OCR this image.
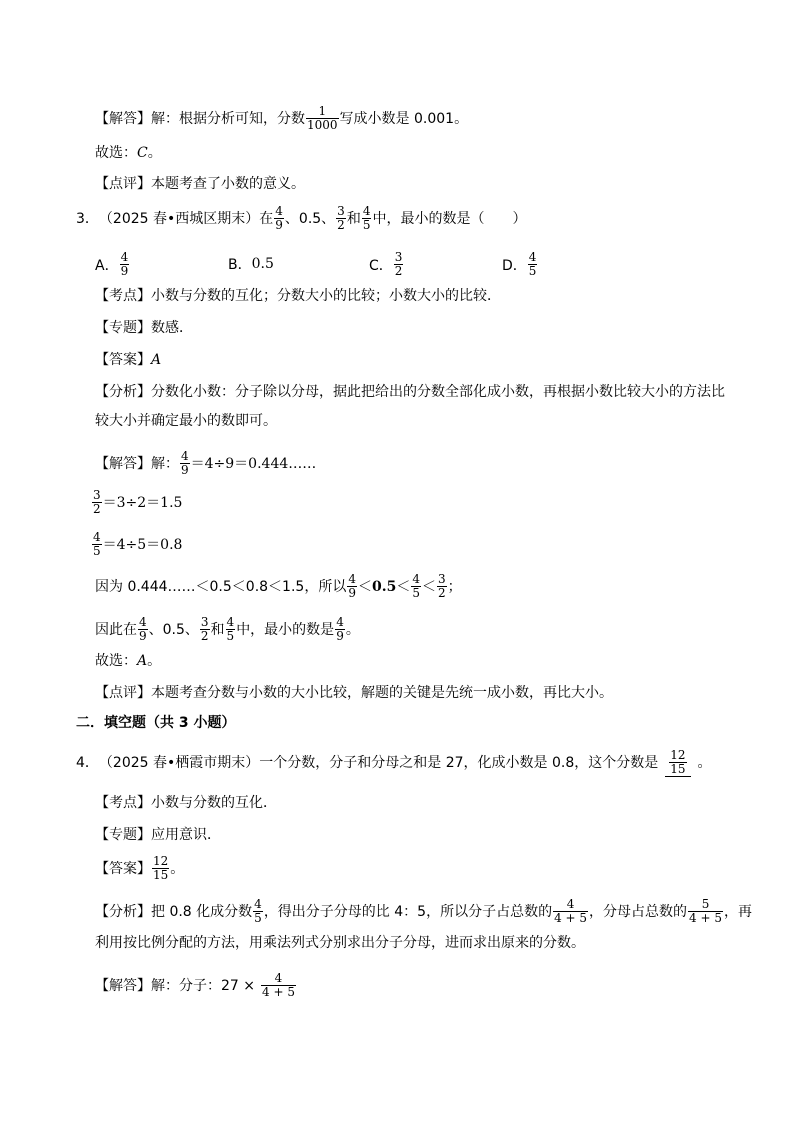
【解答】 解：根据分析可知，分数 $\frac{1}{1000}$ 写成小数是 0.001。
故选： C 。
【点评】 本题考查了小数的意义。
3． （2025 春•西城区期末）在 $\frac{4}{9}$ 、0.5、 $\frac{3}{2}$ 和 $\frac{4}{5}$ 中，最小的数是（　　）
A． $\frac{4}{9}$	B． 0.5	C． $\frac{3}{2}$	D． $\frac{4}{5}$
【考点】 小数与分数的互化；分数大小的比较；小数大小的比较．
【专题】 数感．
【答案】 A
【分析】 分数化小数：分子除以分母，据此把给出的分数全部化成小数，再根据小数比较大小的方法比
较大小并确定最小的数即可。
【解答】 解： $\frac{4}{9}$ ＝4÷9＝0.444……
$\frac{3}{2} =3\div 2=1.5$
$\frac{4}{5} =4\div 5=0.8$
因为 0.444……＜0.5＜0.8＜1.5，所以 $\frac{4}{9} < 0.5 < \frac{4}{5} < \frac{3}{2}$ ；
因此在 $\frac{4}{9}$ 、0.5、 $\frac{3}{2}$ 和 $\frac{4}{5}$ 中，最小的数是 $\frac{4}{9}$ 。
故选： A 。
【点评】 本题考查分数与小数的大小比较，解题的关键是先统一成小数，再比大小。
二．填空题（共 3 小题）
4． （2025 春•栖霞市期末）一个分数，分子和分母之和是 27，化成小数是 0.8，这个分数是 $\frac{12}{15}$ 。
【考点】 小数与分数的互化．
【专题】 应用意识．
【答案】 $\frac{12}{15}$ 。
【分析】 把 0.8 化成分数 $\frac{4}{5}$ ，得出分子分母的比 4：5，所以分子占总数的 $\frac{4}{4 + 5}$ ，分母占总数的 $\frac{5}{4 + 5}$ ，再
利用按比例分配的方法，用乘法列式分别求出分子分母，进而求出原来的分数。
【解答】 解：分子：$27 \times \frac{4}{4 + 5}$
